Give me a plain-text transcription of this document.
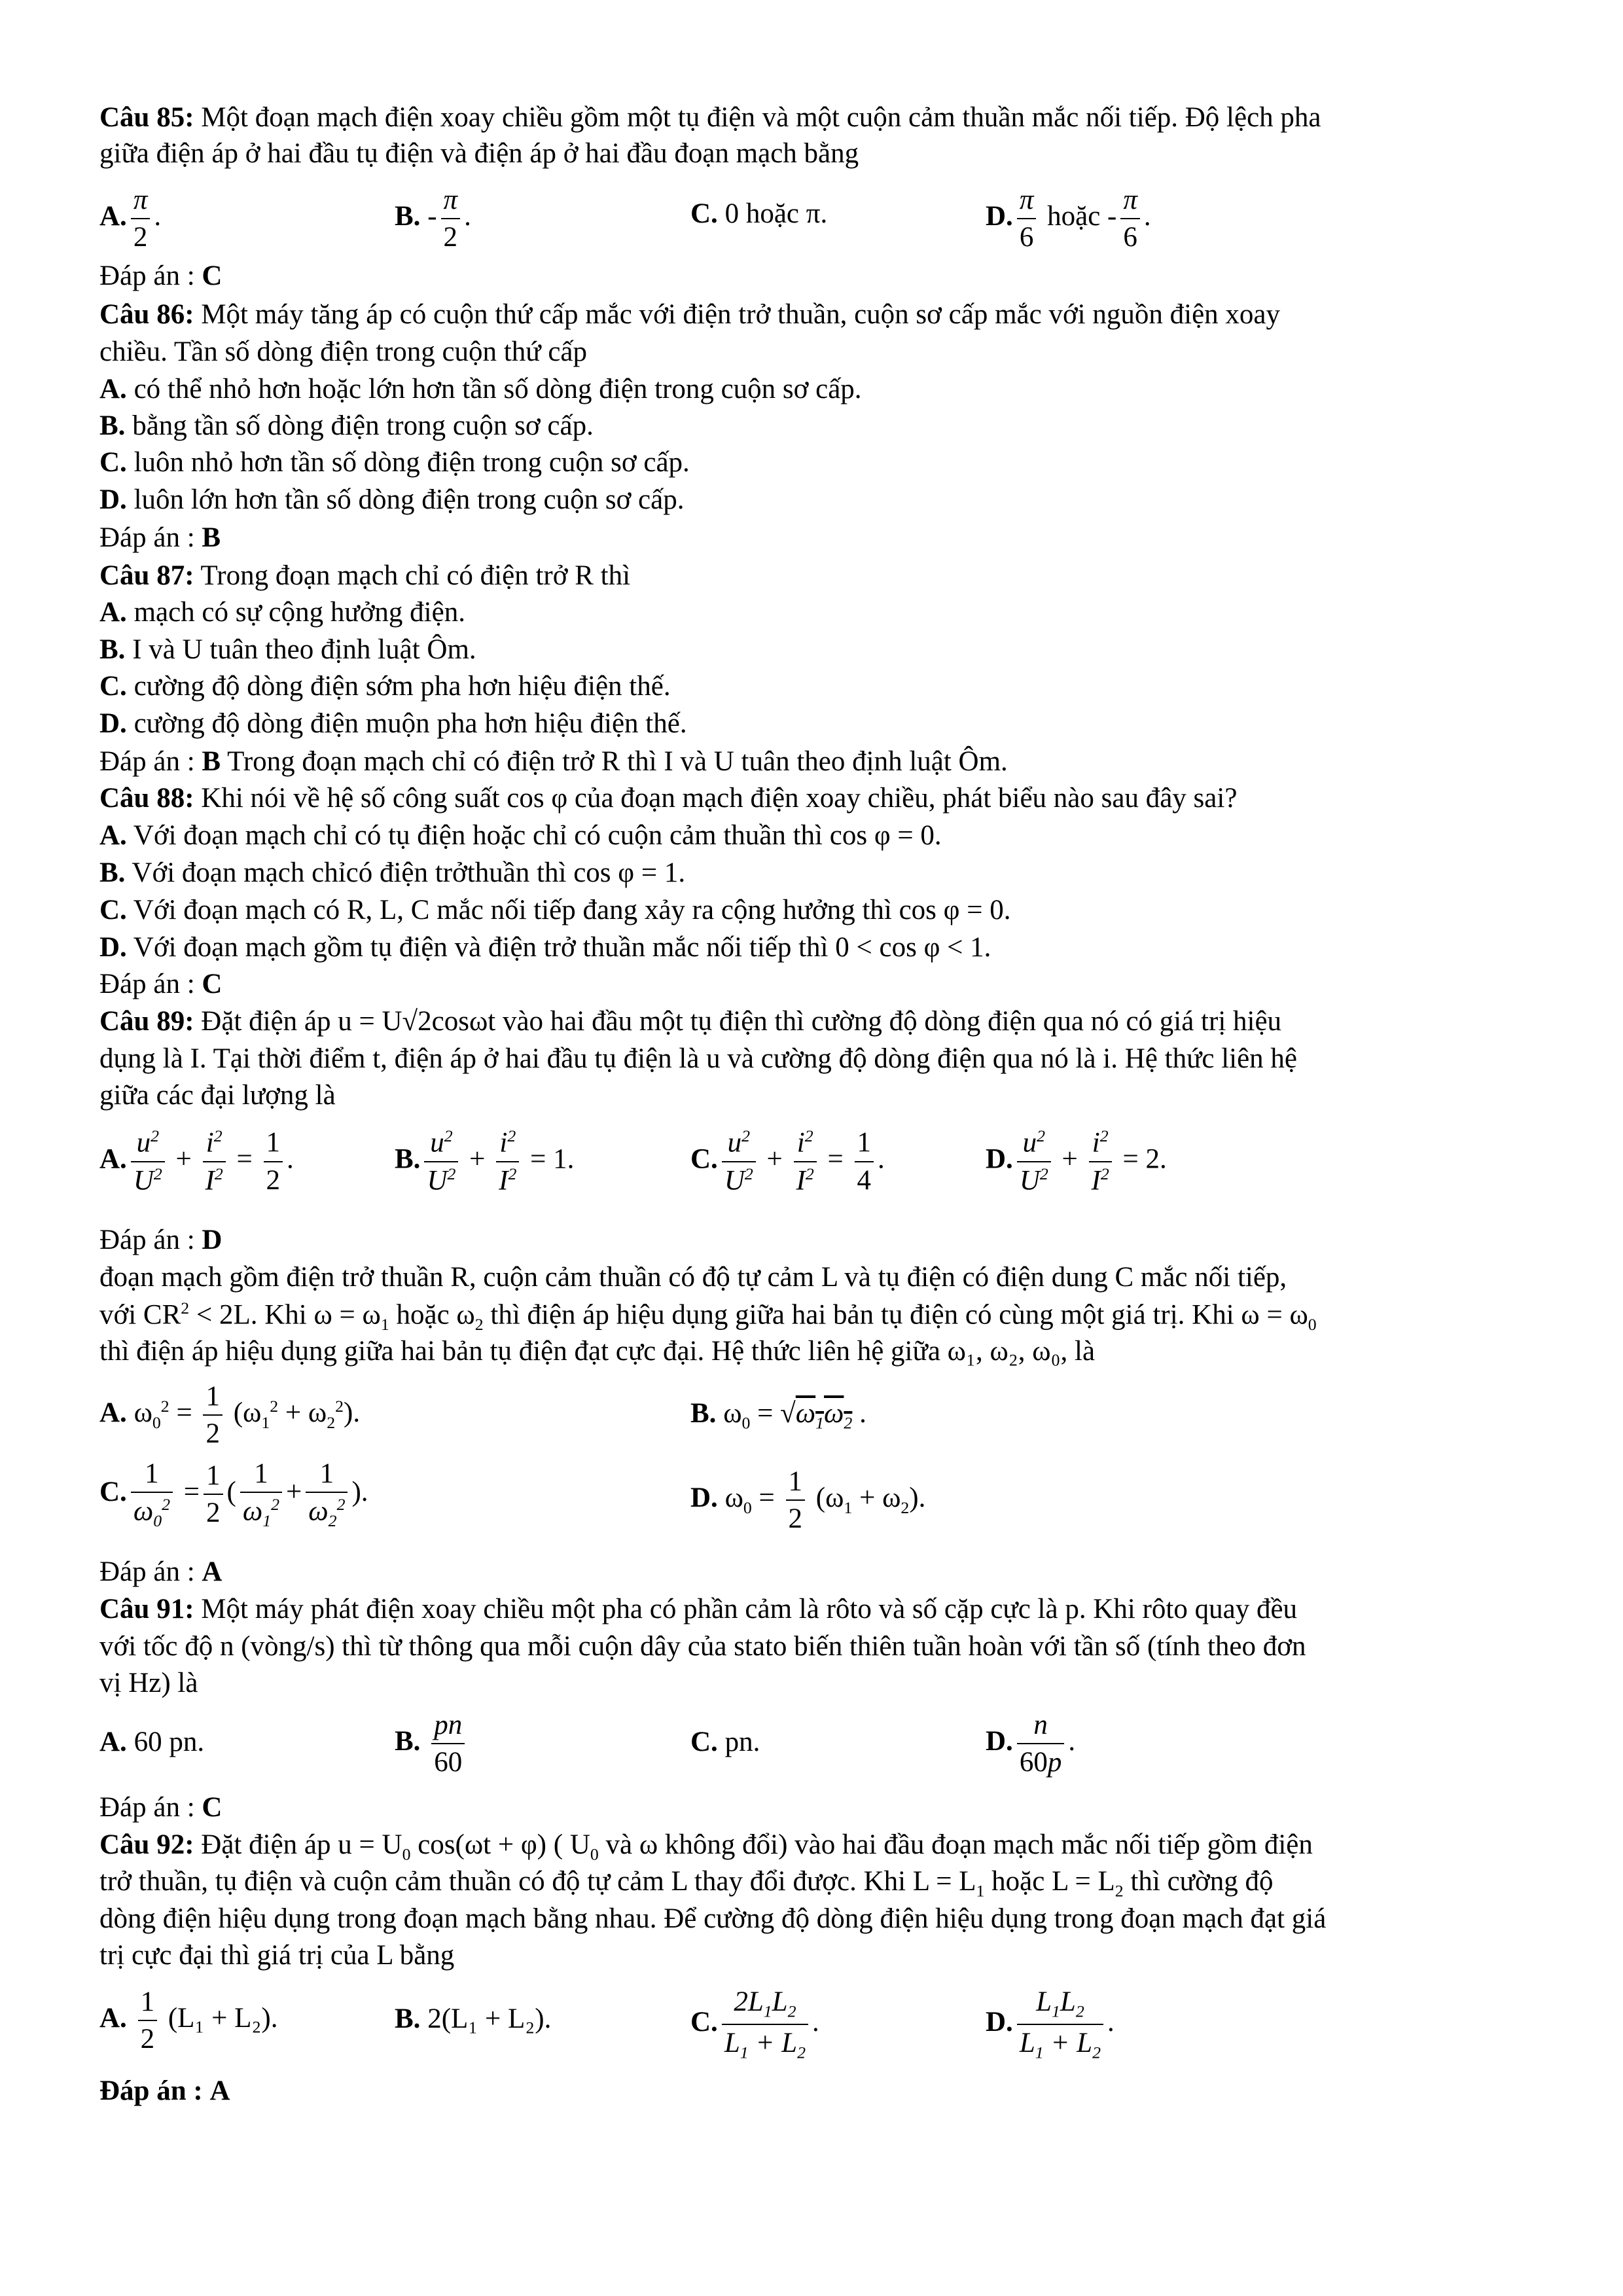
Câu 85: Một đoạn mạch điện xoay chiều gồm một tụ điện và một cuộn cảm thuần mắc nối tiếp. Độ lệch pha
giữa điện áp ở hai đầu tụ điện và điện áp ở hai đầu đoạn mạch bằng
A. $\frac{\pi}{2}$ .	B. - $\frac{\pi}{2}$ .	C. 0 hoặc π.	D. $\frac{\pi}{6}$ hoặc - $\frac{\pi}{6}$ .
Đáp án : C
Câu 86: Một máy tăng áp có cuộn thứ cấp mắc với điện trở thuần, cuộn sơ cấp mắc với nguồn điện xoay
chiều. Tần số dòng điện trong cuộn thứ cấp
A. có thể nhỏ hơn hoặc lớn hơn tần số dòng điện trong cuộn sơ cấp.
B. bằng tần số dòng điện trong cuộn sơ cấp.
C. luôn nhỏ hơn tần số dòng điện trong cuộn sơ cấp.
D. luôn lớn hơn tần số dòng điện trong cuộn sơ cấp.
Đáp án : B
Câu 87: Trong đoạn mạch chỉ có điện trở R thì
A. mạch có sự cộng hưởng điện.
B. I và U tuân theo định luật Ôm.
C. cường độ dòng điện sớm pha hơn hiệu điện thế.
D. cường độ dòng điện muộn pha hơn hiệu điện thế.
Đáp án : B Trong đoạn mạch chỉ có điện trở R thì I và U tuân theo định luật Ôm.
Câu 88: Khi nói về hệ số công suất cos φ của đoạn mạch điện xoay chiều, phát biểu nào sau đây sai?
A. Với đoạn mạch chỉ có tụ điện hoặc chỉ có cuộn cảm thuần thì cos φ = 0.
B. Với đoạn mạch chỉcó điện trởthuần thì cos φ = 1.
C. Với đoạn mạch có R, L, C mắc nối tiếp đang xảy ra cộng hưởng thì cos φ = 0.
D. Với đoạn mạch gồm tụ điện và điện trở thuần mắc nối tiếp thì 0 < cos φ < 1.
Đáp án : C
Câu 89: Đặt điện áp u = U√2cosωt vào hai đầu một tụ điện thì cường độ dòng điện qua nó có giá trị hiệu
dụng là I. Tại thời điểm t, điện áp ở hai đầu tụ điện là u và cường độ dòng điện qua nó là i. Hệ thức liên hệ
giữa các đại lượng là
A. $\frac{u^2}{U^2} + \frac{i^2}{I^2} = \frac{1}{2}$ .	B. $\frac{u^2}{U^2} + \frac{i^2}{I^2} = 1$.	C. $\frac{u^2}{U^2} + \frac{i^2}{I^2} = \frac{1}{4}$ .	D. $\frac{u^2}{U^2} + \frac{i^2}{I^2} = 2$.
Đáp án : D
đoạn mạch gồm điện trở thuần R, cuộn cảm thuần có độ tự cảm L và tụ điện có điện dung C mắc nối tiếp,
với $CR^2 < 2L$. Khi $\omega = \omega_1$ hoặc $\omega_2$ thì điện áp hiệu dụng giữa hai bản tụ điện có cùng một giá trị. Khi $\omega = \omega_0$
thì điện áp hiệu dụng giữa hai bản tụ điện đạt cực đại. Hệ thức liên hệ giữa ω₁, ω₂, ω₀, là
A. $\omega_0^2 = \frac{1}{2} (\omega_1^2 + \omega_2^2)$.	B. $\omega_0 = √\omega_1\omega_2$ .
C. $\frac{1}{\omega_0^2} = \frac{1}{2}$ ( $\frac{1}{\omega_1^2} + \frac{1}{\omega_2^2}$ ).	D. $\omega_0 = \frac{1}{2} (\omega_1 + \omega_2)$.
Đáp án : A
Câu 91: Một máy phát điện xoay chiều một pha có phần cảm là rôto và số cặp cực là p. Khi rôto quay đều
với tốc độ n (vòng/s) thì từ thông qua mỗi cuộn dây của stato biến thiên tuần hoàn với tần số (tính theo đơn
vị Hz) là
A. 60 pn.	B. $\frac{pn}{60}$	C. pn.	D. $\frac{n}{60p}$ .
Đáp án : C
Câu 92: Đặt điện áp $u = U_0$ cos(ωt + φ) ( $U_0$ và ω không đổi) vào hai đầu đoạn mạch mắc nối tiếp gồm điện
trở thuần, tụ điện và cuộn cảm thuần có độ tự cảm L thay đổi được. Khi $L = L_1$ hoặc $L = L_2$ thì cường độ
dòng điện hiệu dụng trong đoạn mạch bằng nhau. Để cường độ dòng điện hiệu dụng trong đoạn mạch đạt giá
trị cực đại thì giá trị của L bằng
A. $\frac{1}{2} (L_1 + L_2)$.	B. 2(L₁ + L₂).	C. $\frac{2L_1L_2}{L_1 + L_2}$ .	D. $\frac{L_1L_2}{L_1 + L_2}$ .
Đáp án : A
